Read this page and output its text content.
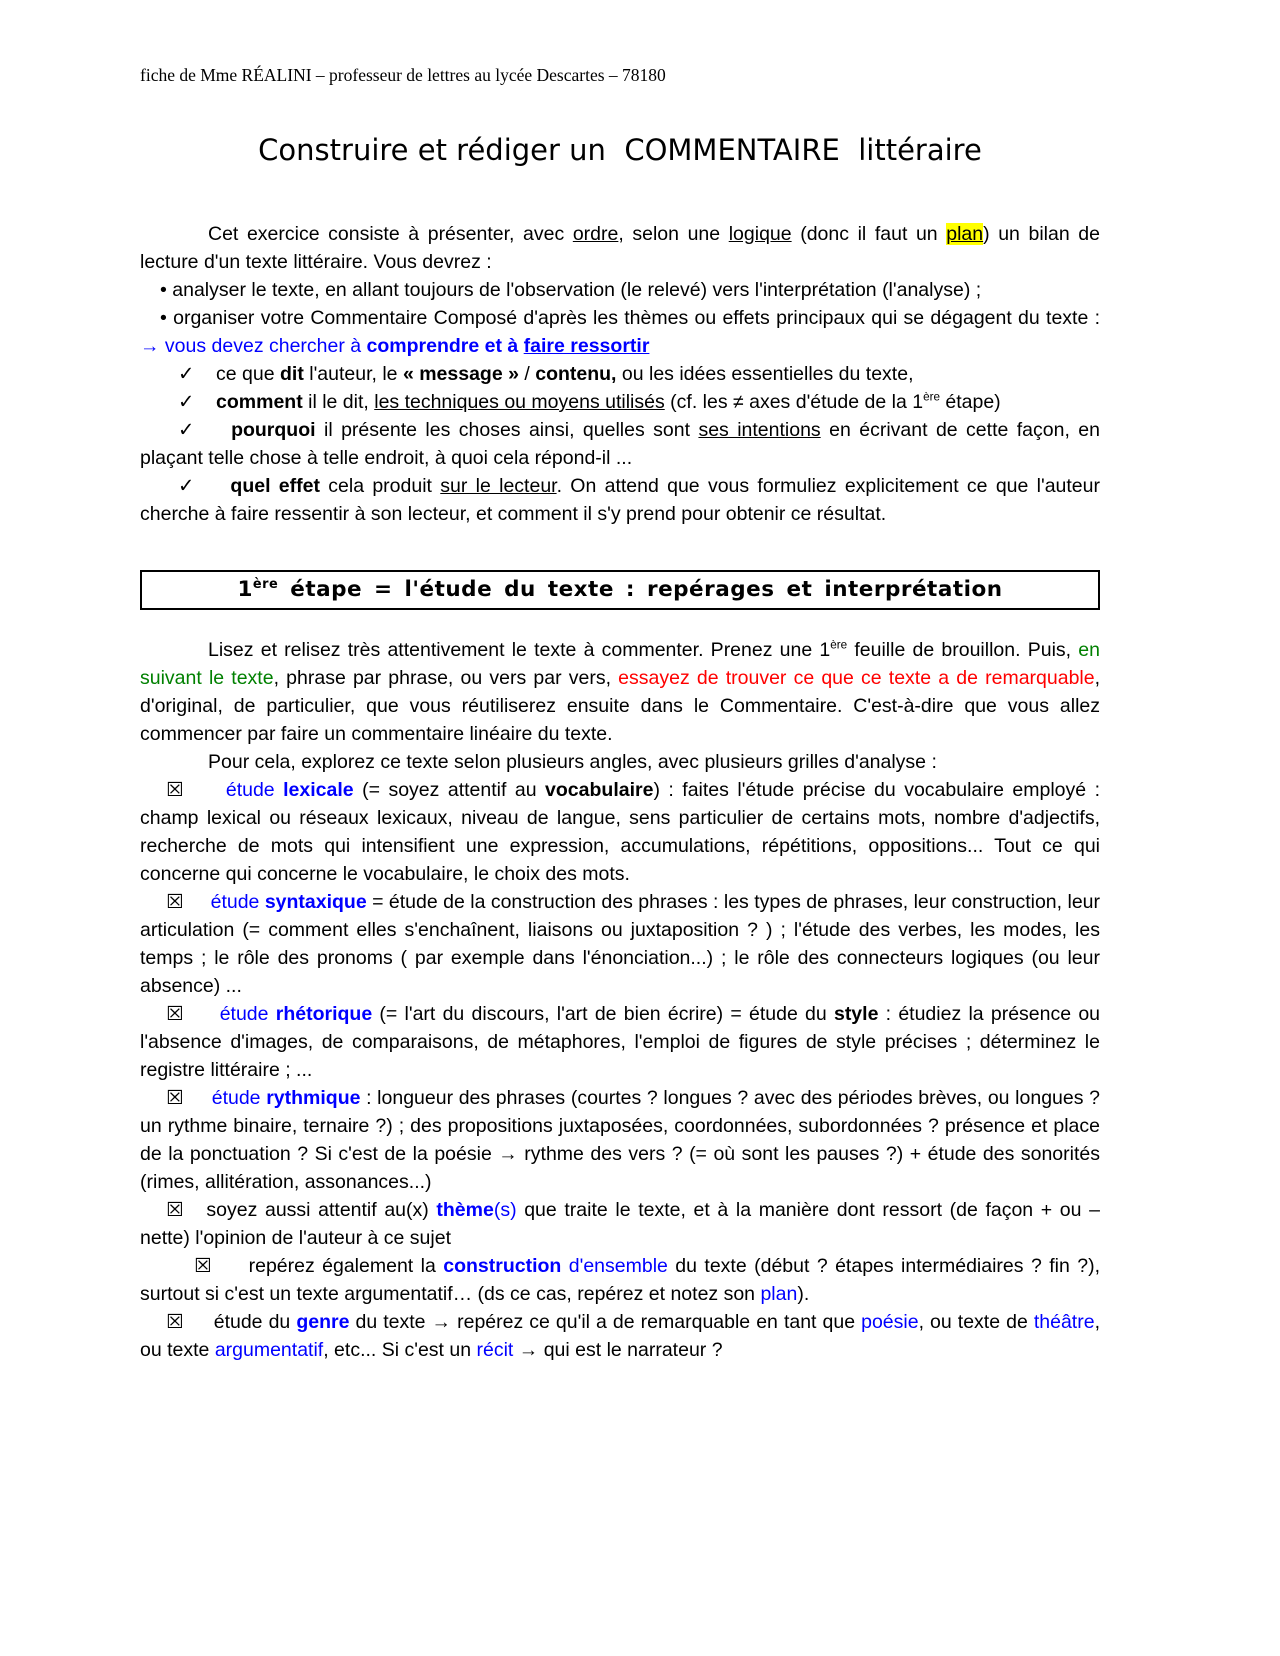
fiche de Mme RÉALINI – professeur de lettres au lycée Descartes – 78180
Construire et rédiger un  COMMENTAIRE  littéraire

Cet exercice consiste à présenter, avec ordre, selon une logique (donc il faut un plan) un bilan de lecture d'un texte littéraire. Vous devrez :

• analyser le texte, en allant toujours de l'observation (le relevé) vers l'interprétation (l'analyse) ;

• organiser votre Commentaire Composé d'après les thèmes ou effets principaux qui se dégagent du texte : → vous devez chercher à comprendre et à faire ressortir

✓ ce que dit l'auteur, le « message » / contenu, ou les idées essentielles du texte,

✓ comment il le dit, les techniques ou moyens utilisés (cf. les ≠ axes d'étude de la 1ère étape)

✓ pourquoi il présente les choses ainsi, quelles sont ses intentions en écrivant de cette façon, en plaçant telle chose à telle endroit, à quoi cela répond-il ...

✓ quel effet cela produit sur le lecteur. On attend que vous formuliez explicitement ce que l'auteur cherche à faire ressentir à son lecteur, et comment il s'y prend pour obtenir ce résultat.

1ère étape = l'étude du texte : repérages et interprétation

Lisez et relisez très attentivement le texte à commenter. Prenez une 1ère feuille de brouillon. Puis, en suivant le texte, phrase par phrase, ou vers par vers, essayez de trouver ce que ce texte a de remarquable, d'original, de particulier, que vous réutiliserez ensuite dans le Commentaire. C'est-à-dire que vous allez commencer par faire un commentaire linéaire du texte.

Pour cela, explorez ce texte selon plusieurs angles, avec plusieurs grilles d'analyse :

☒ étude lexicale (= soyez attentif au vocabulaire) : faites l'étude précise du vocabulaire employé : champ lexical ou réseaux lexicaux, niveau de langue, sens particulier de certains mots, nombre d'adjectifs, recherche de mots qui intensifient une expression, accumulations, répétitions, oppositions... Tout ce qui concerne qui concerne le vocabulaire, le choix des mots.

☒ étude syntaxique = étude de la construction des phrases : les types de phrases, leur construction, leur articulation (= comment elles s'enchaînent, liaisons ou juxtaposition ? ) ; l'étude des verbes, les modes, les temps ; le rôle des pronoms ( par exemple dans l'énonciation...) ; le rôle des connecteurs logiques (ou leur absence) ...

☒ étude rhétorique (= l'art du discours, l'art de bien écrire) = étude du style : étudiez la présence ou l'absence d'images, de comparaisons, de métaphores, l'emploi de figures de style précises ; déterminez le registre littéraire ; ...

☒ étude rythmique : longueur des phrases (courtes ? longues ? avec des périodes brèves, ou longues ? un rythme binaire, ternaire ?) ; des propositions juxtaposées, coordonnées, subordonnées ? présence et place de la ponctuation ? Si c'est de la poésie → rythme des vers ? (= où sont les pauses ?) + étude des sonorités (rimes, allitération, assonances...)

☒ soyez aussi attentif au(x) thème(s) que traite le texte, et à la manière dont ressort (de façon + ou – nette) l'opinion de l'auteur à ce sujet

☒ repérez également la construction d'ensemble du texte (début ? étapes intermédiaires ? fin ?), surtout si c'est un texte argumentatif… (ds ce cas, repérez et notez son plan).

☒ étude du genre du texte → repérez ce qu'il a de remarquable en tant que poésie, ou texte de théâtre, ou texte argumentatif, etc... Si c'est un récit → qui est le narrateur ?
